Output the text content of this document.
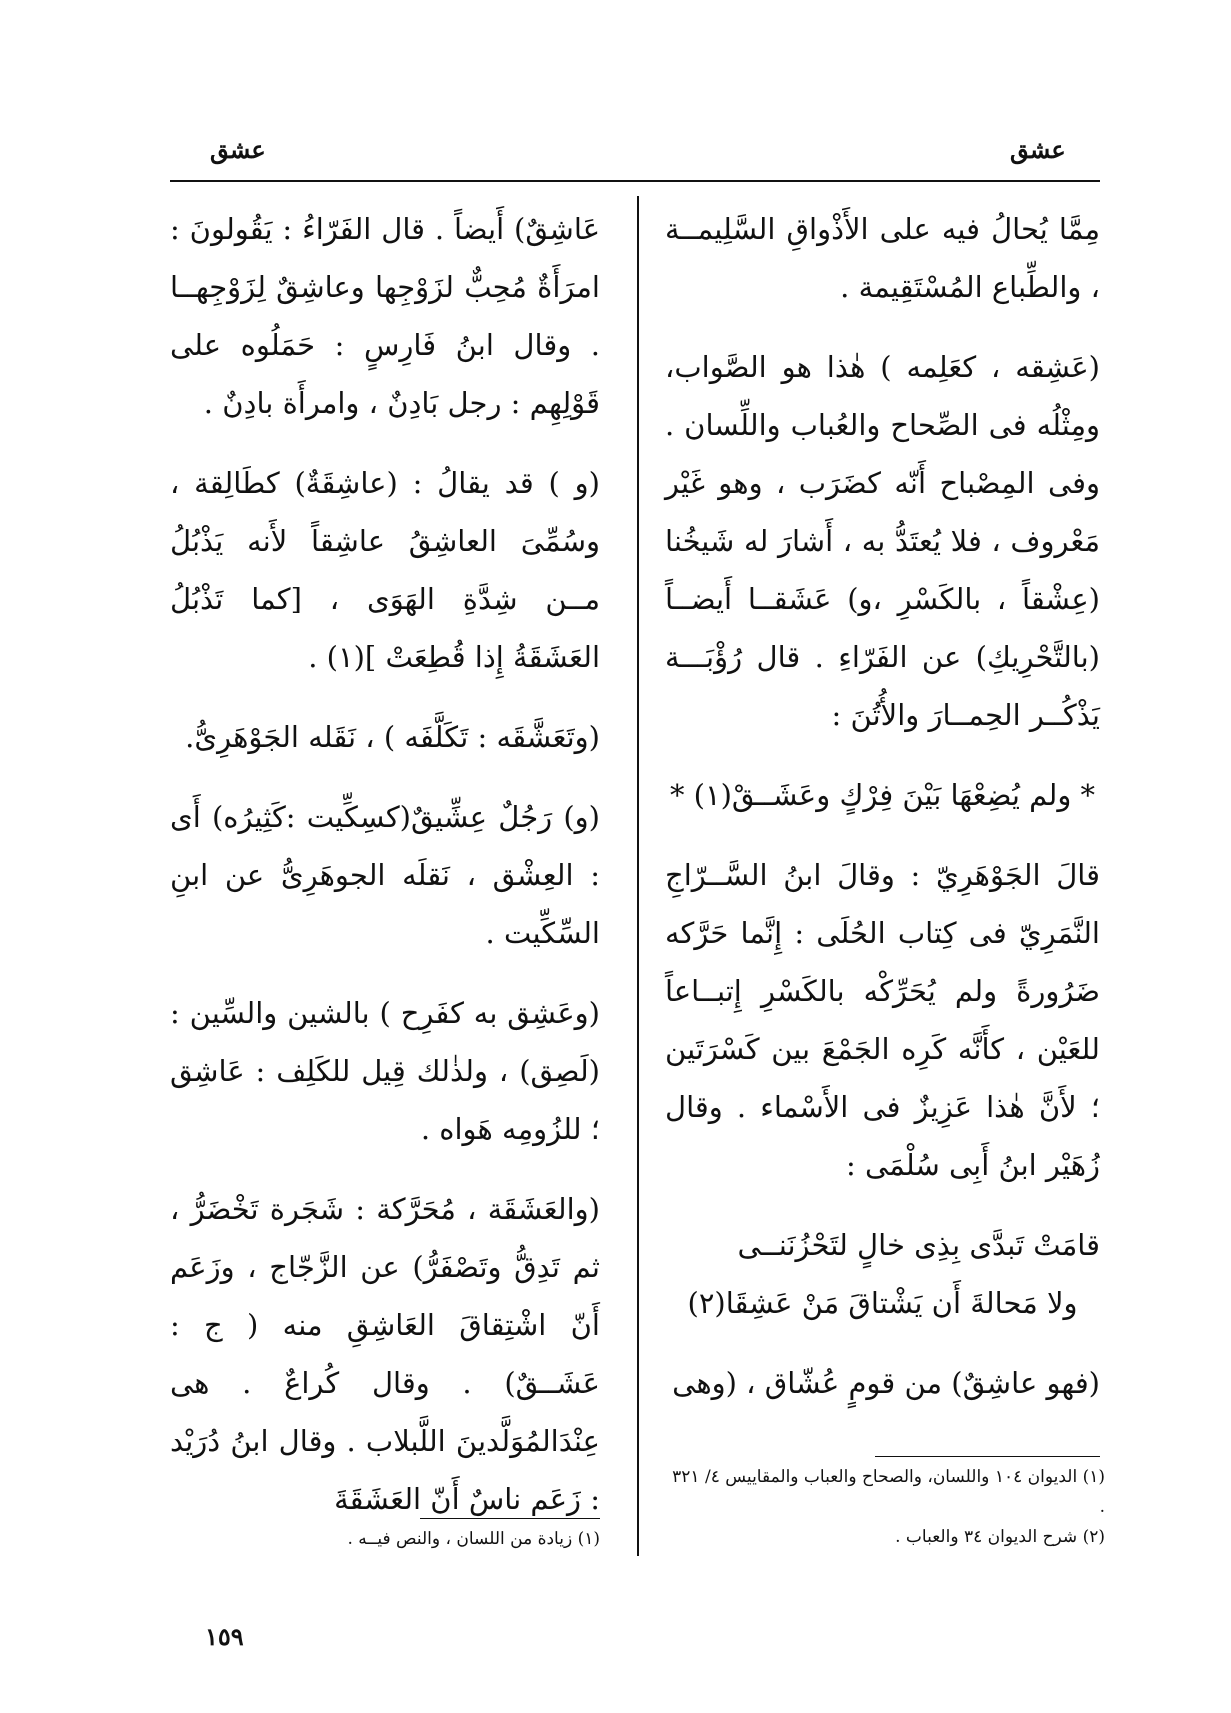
عشق
عشق

مِمَّا يُحالُ فيه على الأَذْواقِ السَّلِيمــة ، والطِّباع المُسْتَقِيمة .

(عَشِقه ، كعَلِمه ) هٰذا هو الصَّواب، ومِثْلُه فى الصِّحاح والعُباب واللِّسان . وفى المِصْباح أَنّه كضَرَب ، وهو غَيْر مَعْروف ، فلا يُعتَدُّ به ، أَشارَ له شَيخُنا (عِشْقاً ، بالكَسْرِ ،و) عَشَقــا أَيضــاً (بالتَّحْرِيكِ) عن الفَرّاءِ . قال رُؤْبَـــة يَذْكُــر الحِمــارَ والأُتُنَ :

* ولم يُضِعْهَا بَيْنَ فِرْكٍ وعَشَــقْ(١) *

قالَ الجَوْهَرِيّ : وقالَ ابنُ السَّــرّاجِ النَّمَرِيّ فى كِتاب الحُلَى : إِنَّما حَرَّكه ضَرُورةً ولم يُحَرِّكْه بالكَسْرِ إِتبــاعاً للعَيْن ، كأَنَّه كَرِه الجَمْعَ بين كَسْرَتَين ؛ لأَنَّ هٰذا عَزِيزٌ فى الأَسْماء . وقال زُهَيْر ابنُ أَبِى سُلْمَى :

قامَتْ تَبدَّى بِذِى خالٍ لتَحْزُنَنــى

ولا مَحالةَ أَن يَشْتاقَ مَنْ عَشِقَا(٢)

(فهو عاشِقٌ) من قومٍ عُشّاق ، (وهى

عَاشِقٌ) أَيضاً . قال الفَرّاءُ : يَقُولونَ : امرَأَةٌ مُحِبٌّ لزَوْجِها وعاشِقٌ لِزَوْجِهــا . وقال ابنُ فَارِسٍ : حَمَلُوه على قَوْلِهِم : رجل بَادِنٌ ، وامرأَة بادِنٌ .

(و ) قد يقالُ : (عاشِقَةٌ) كطَالِقة ، وسُمِّىَ العاشِقُ عاشِقاً لأَنه يَذْبُلُ مــن شِدَّةِ الهَوَى ، [كما تَذْبُلُ العَشَقَةُ إِذا قُطِعَتْ ](١) .

(وتَعَشَّقَه : تَكَلَّفَه ) ، نَقَله الجَوْهَرِىُّ.

(و) رَجُلٌ عِشِّيقٌ(كسِكِّيت :كَثِيرُه) أَى : العِشْق ، نَقلَه الجوهَرِىُّ عن ابنِ السِّكِّيت .

(وعَشِق به كفَرِح ) بالشين والسِّين : (لَصِق) ، ولذٰلك قِيل للكَلِف : عَاشِق ؛ للزُومِه هَواه .

(والعَشَقَة ، مُحَرَّكة : شَجَرة تَخْضَرُّ ، ثم تَدِقُّ وتَصْفَرُّ) عن الزَّجّاج ، وزَعَم أَنّ اشْتِقاقَ العَاشِقِ منه ( ج : عَشَــقٌ) . وقال كُراعٌ . هى عِنْدَالمُوَلَّدينَ اللَّبلاب . وقال ابنُ دُرَيْد : زَعَم ناسٌ أَنّ العَشَقَةَ

(١) الديوان ١٠٤ واللسان، والصحاح والعباب والمقاييس ٤/ ٣٢١ .

(٢) شرح الديوان ٣٤ والعباب .

(١) زيادة من اللسان ، والنص فيــه .

١٥٩
